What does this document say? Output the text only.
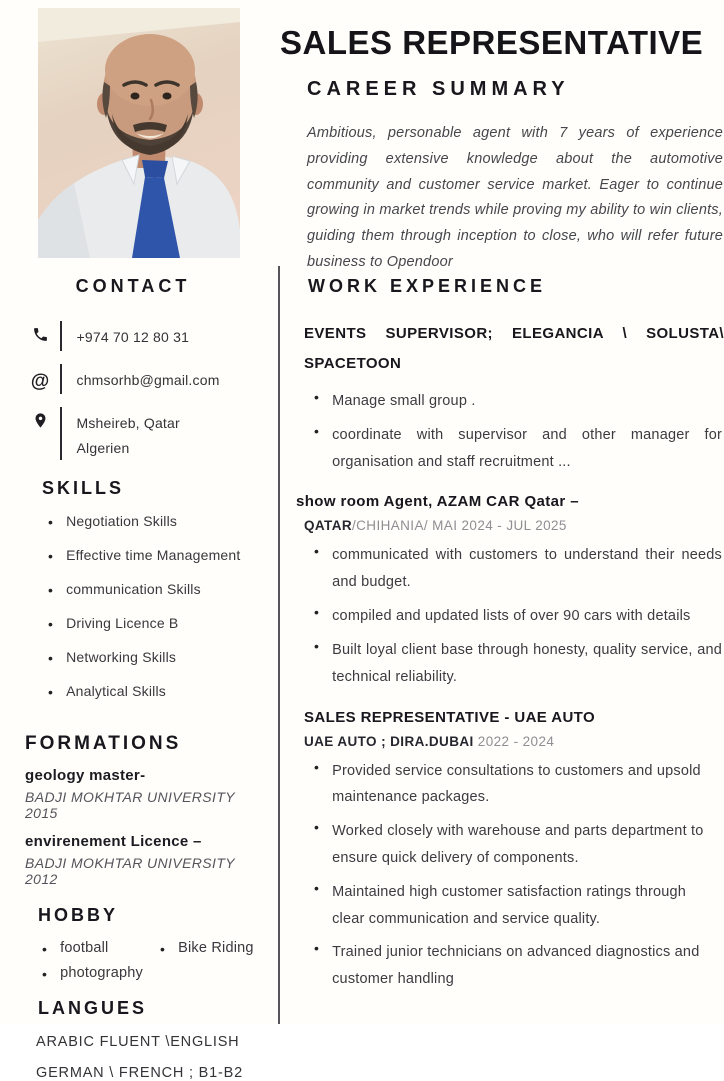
SALES REPRESENTATIVE
CAREER SUMMARY
Ambitious, personable agent with 7 years of experience providing extensive knowledge about the automotive community and customer service market. Eager to continue growing in market trends while proving my ability to win clients, guiding them through inception to close, who will refer future business to Opendoor
CONTACT
+974 70 12 80 31
@	chmsorhb@gmail.com
Msheireb, Qatar
Algerien
SKILLS
• Negotiation Skills
• Effective time Management
• communication Skills
• Driving Licence B
• Networking Skills
• Analytical Skills
FORMATIONS
geology master-
BADJI MOKHTAR UNIVERSITY 2015
envirenement Licence –
BADJI MOKHTAR UNIVERSITY 2012
HOBBY
• football	• Bike Riding
• photography
LANGUES
ARABIC FLUENT \ENGLISH
GERMAN \ FRENCH ; B1-B2
WORK EXPERIENCE
EVENTS SUPERVISOR; ELEGANCIA \ SOLUSTA\ SPACETOON
• Manage small group .
• coordinate with supervisor and other manager for organisation and staff recruitment ...
show room Agent, AZAM CAR Qatar –
QATAR/CHIHANIA/ MAI 2024 - JUL 2025
• communicated with customers to understand their needs and budget.
• compiled and updated lists of over 90 cars with details
• Built loyal client base through honesty, quality service, and technical reliability.
SALES REPRESENTATIVE - UAE AUTO
UAE AUTO ; DIRA.DUBAI 2022 - 2024
• Provided service consultations to customers and upsold maintenance packages.
• Worked closely with warehouse and parts department to ensure quick delivery of components.
• Maintained high customer satisfaction ratings through clear communication and service quality.
• Trained junior technicians on advanced diagnostics and customer handling
